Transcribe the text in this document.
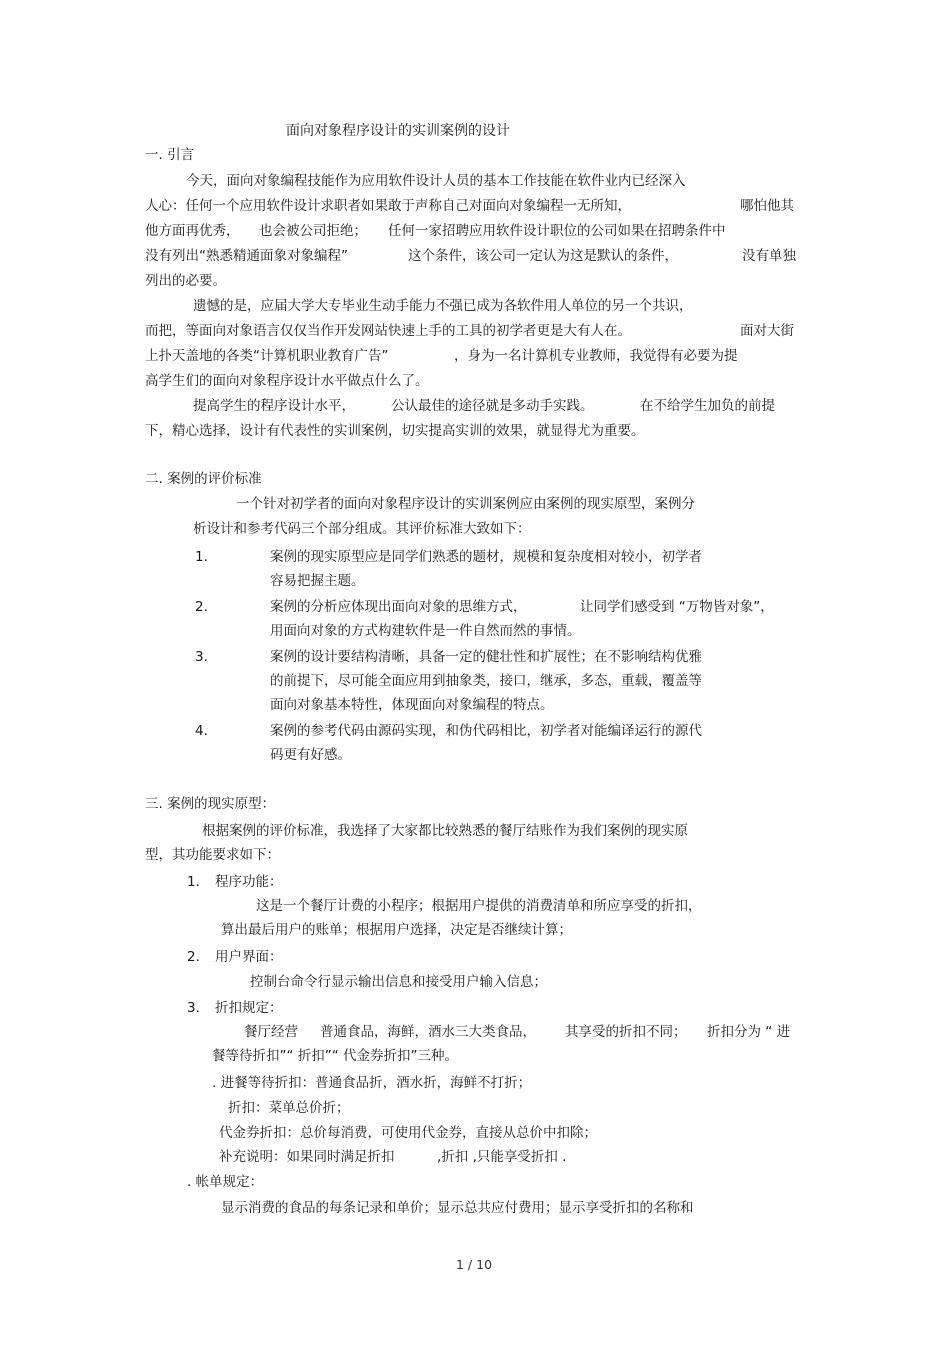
面向对象程序设计的实训案例的设计
一. 引言
今天，面向对象编程技能作为应用软件设计人员的基本工作技能在软件业内已经深入
人心：任何一个应用软件设计求职者如果敢于声称自己对面向对象编程一无所知，	哪怕他其
他方面再优秀， 也会被公司拒绝； 任何一家招聘应用软件设计职位的公司如果在招聘条件中
没有列出“熟悉精通面象对象编程”	这个条件，该公司一定认为这是默认的条件，	没有单独
列出的必要。
遗憾的是，应届大学大专毕业生动手能力不强已成为各软件用人单位的另一个共识，
而把，等面向对象语言仅仅当作开发网站快速上手的工具的初学者更是大有人在。	面对大街
上扑天盖地的各类“计算机职业教育广告”	，身为一名计算机专业教师，我觉得有必要为提
高学生们的面向对象程序设计水平做点什么了。
提高学生的程序设计水平，	公认最佳的途径就是多动手实践。	在不给学生加负的前提
下，精心选择，设计有代表性的实训案例，切实提高实训的效果，就显得尤为重要。
二. 案例的评价标准
一个针对初学者的面向对象程序设计的实训案例应由案例的现实原型，案例分
析设计和参考代码三个部分组成。其评价标准大致如下：
1.	案例的现实原型应是同学们熟悉的题材，规模和复杂度相对较小，初学者
容易把握主题。
2.	案例的分析应体现出面向对象的思维方式，	让同学们感受到 “万物皆对象”，
用面向对象的方式构建软件是一件自然而然的事情。
3.	案例的设计要结构清晰，具备一定的健壮性和扩展性；在不影响结构优雅
的前提下，尽可能全面应用到抽象类，接口，继承，多态，重载，覆盖等
面向对象基本特性，体现面向对象编程的特点。
4.	案例的参考代码由源码实现，和伪代码相比，初学者对能编译运行的源代
码更有好感。
三. 案例的现实原型：
根据案例的评价标准，我选择了大家都比较熟悉的餐厅结账作为我们案例的现实原
型，其功能要求如下：
1． 程序功能：
这是一个餐厅计费的小程序；根据用户提供的消费清单和所应享受的折扣，
算出最后用户的账单；根据用户选择，决定是否继续计算；
2． 用户界面：
控制台命令行显示输出信息和接受用户输入信息；
3． 折扣规定：
餐厅经营 普通食品，海鲜，酒水三大类食品， 其享受的折扣不同； 折扣分为 “ 进
餐等待折扣”“ 折扣”“ 代金券折扣”三种。
. 进餐等待折扣：普通食品折，酒水折，海鲜不打折；
折扣：菜单总价折；
代金券折扣：总价每消费，可使用代金券，直接从总价中扣除；
补充说明：如果同时满足折扣	,折扣 ,只能享受折扣 .
. 帐单规定：
显示消费的食品的每条记录和单价；显示总共应付费用；显示享受折扣的名称和
1 / 10
